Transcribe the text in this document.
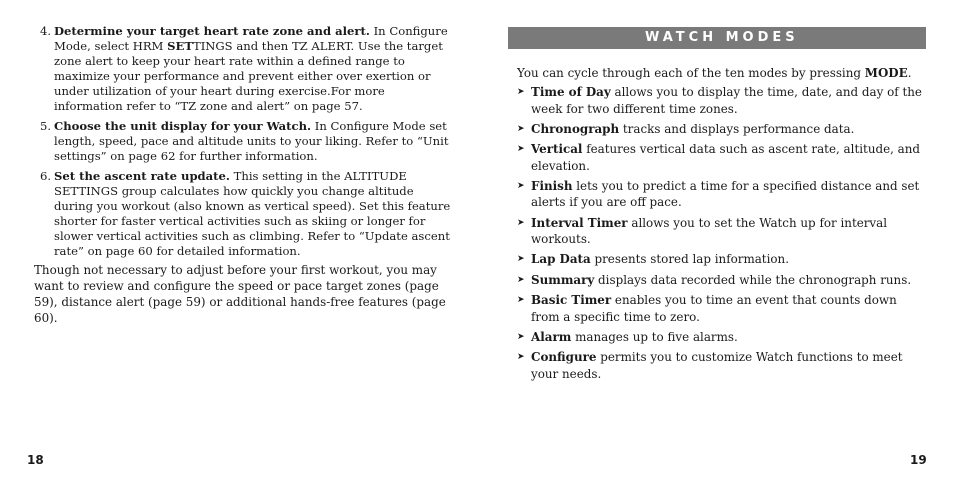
4. Determine your target heart rate zone and alert. In Configure Mode, select HRM SETTINGS and then TZ ALERT. Use the target zone alert to keep your heart rate within a defined range to maximize your performance and prevent either over exertion or under utilization of your heart during exercise.For more information refer to “TZ zone and alert” on page 57.
5. Choose the unit display for your Watch. In Configure Mode set length, speed, pace and altitude units to your liking. Refer to “Unit settings” on page 62 for further information.
6. Set the ascent rate update. This setting in the ALTITUDE SETTINGS group calculates how quickly you change altitude during you workout (also known as vertical speed). Set this feature shorter for faster vertical activities such as skiing or longer for slower vertical activities such as climbing. Refer to “Update ascent rate” on page 60 for detailed information.

Though not necessary to adjust before your first workout, you may want to review and configure the speed or pace target zones (page 59), distance alert (page 59) or additional hands-free features (page 60).

18
WATCH MODES

You can cycle through each of the ten modes by pressing MODE.

➤ Time of Day allows you to display the time, date, and day of the week for two different time zones.
➤ Chronograph tracks and displays performance data.
➤ Vertical features vertical data such as ascent rate, altitude, and elevation.
➤ Finish lets you to predict a time for a specified distance and set alerts if you are off pace.
➤ Interval Timer allows you to set the Watch up for interval workouts.
➤ Lap Data presents stored lap information.
➤ Summary displays data recorded while the chronograph runs.
➤ Basic Timer enables you to time an event that counts down from a specific time to zero.
➤ Alarm manages up to five alarms.
➤ Configure permits you to customize Watch functions to meet your needs.
19
